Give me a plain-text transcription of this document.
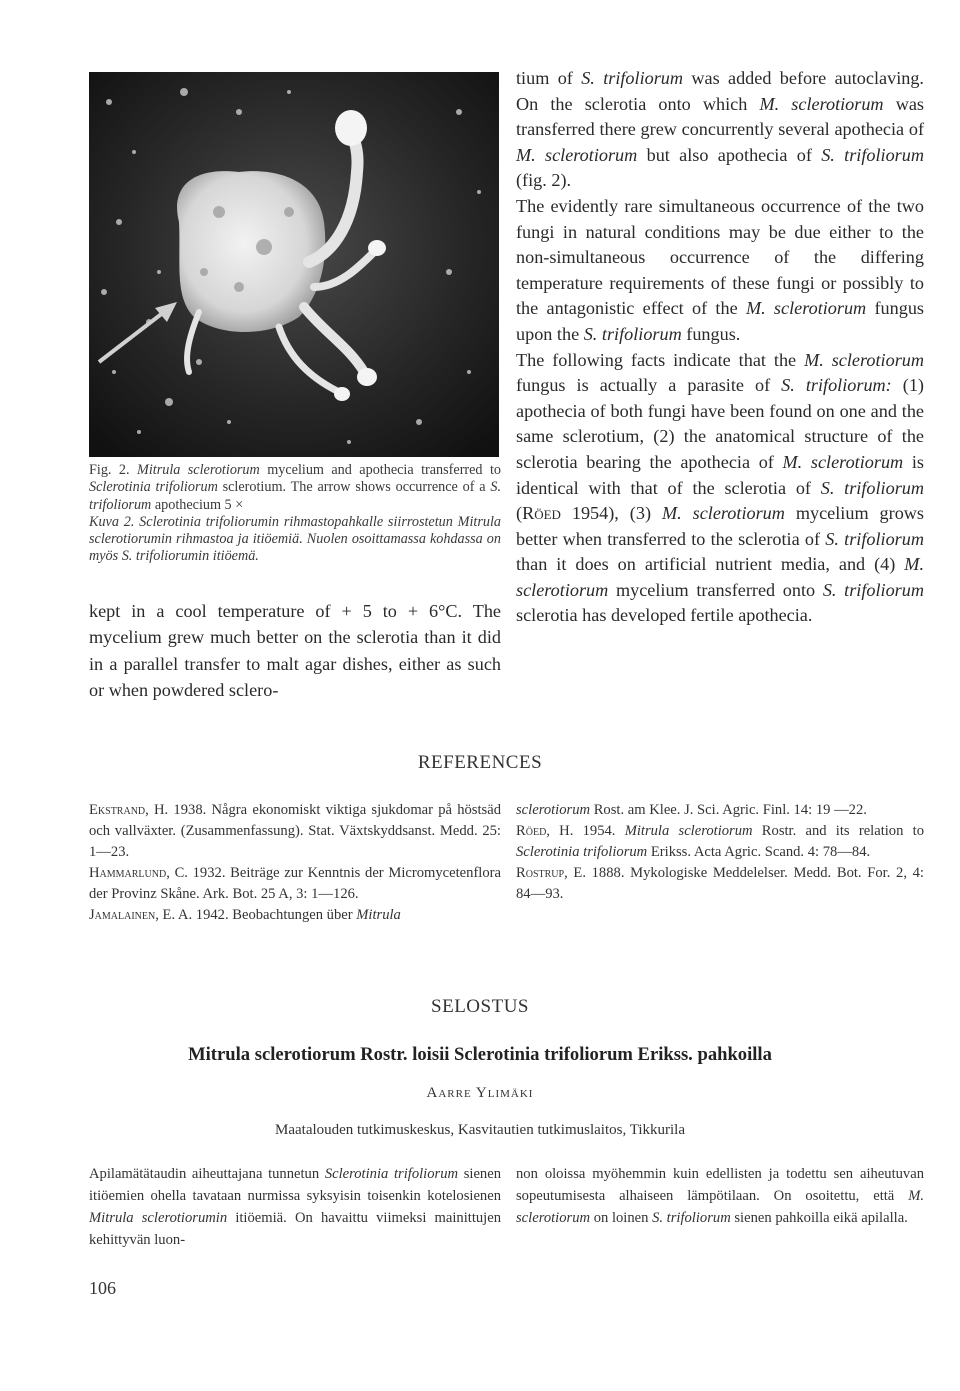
Fig. 2. Mitrula sclerotiorum mycelium and apothecia transferred to Sclerotinia trifoliorum sclerotium. The arrow shows occurrence of a S. trifoliorum apothecium 5 ×

Kuva 2. Sclerotinia trifoliorumin rihmastopahkalle siirrostetun Mitrula sclerotiorumin rihmastoa ja itiöemiä. Nuolen osoittamassa kohdassa on myös S. trifoliorumin itiöemä.

kept in a cool temperature of + 5 to + 6°C. The mycelium grew much better on the sclerotia than it did in a parallel transfer to malt agar dishes, either as such or when powdered sclero-

tium of S. trifoliorum was added before autoclaving. On the sclerotia onto which M. sclerotiorum was transferred there grew concurrently several apothecia of M. sclerotiorum but also apothecia of S. trifoliorum (fig. 2).

The evidently rare simultaneous occurrence of the two fungi in natural conditions may be due either to the non-simultaneous occurrence of the differing temperature requirements of these fungi or possibly to the antagonistic effect of the M. sclerotiorum fungus upon the S. trifoliorum fungus.

The following facts indicate that the M. sclerotiorum fungus is actually a parasite of S. trifoliorum: (1) apothecia of both fungi have been found on one and the same sclerotium, (2) the anatomical structure of the sclerotia bearing the apothecia of M. sclerotiorum is identical with that of the sclerotia of S. trifoliorum (Röed 1954), (3) M. sclerotiorum mycelium grows better when transferred to the sclerotia of S. trifoliorum than it does on artificial nutrient media, and (4) M. sclerotiorum mycelium transferred onto S. trifoliorum sclerotia has developed fertile apothecia.

REFERENCES

Ekstrand, H. 1938. Några ekonomiskt viktiga sjukdomar på höstsäd och vallväxter. (Zusammenfassung). Stat. Växtskyddsanst. Medd. 25: 1—23.

Hammarlund, C. 1932. Beiträge zur Kenntnis der Micromycetenflora der Provinz Skåne. Ark. Bot. 25 A, 3: 1—126.

Jamalainen, E. A. 1942. Beobachtungen über Mitrula

sclerotiorum Rost. am Klee. J. Sci. Agric. Finl. 14: 19 —22.

Röed, H. 1954. Mitrula sclerotiorum Rostr. and its relation to Sclerotinia trifoliorum Erikss. Acta Agric. Scand. 4: 78—84.

Rostrup, E. 1888. Mykologiske Meddelelser. Medd. Bot. For. 2, 4: 84—93.

SELOSTUS
Mitrula sclerotiorum Rostr. loisii Sclerotinia trifoliorum Erikss. pahkoilla
Aarre Ylimäki
Maatalouden tutkimuskeskus, Kasvitautien tutkimuslaitos, Tikkurila

Apilamätätaudin aiheuttajana tunnetun Sclerotinia trifoliorum sienen itiöemien ohella tavataan nurmissa syksyisin toisenkin kotelosienen Mitrula sclerotiorumin itiöemiä. On havaittu viimeksi mainittujen kehittyvän luon-

non oloissa myöhemmin kuin edellisten ja todettu sen aiheutuvan sopeutumisesta alhaiseen lämpötilaan. On osoitettu, että M. sclerotiorum on loinen S. trifoliorum sienen pahkoilla eikä apilalla.

106
